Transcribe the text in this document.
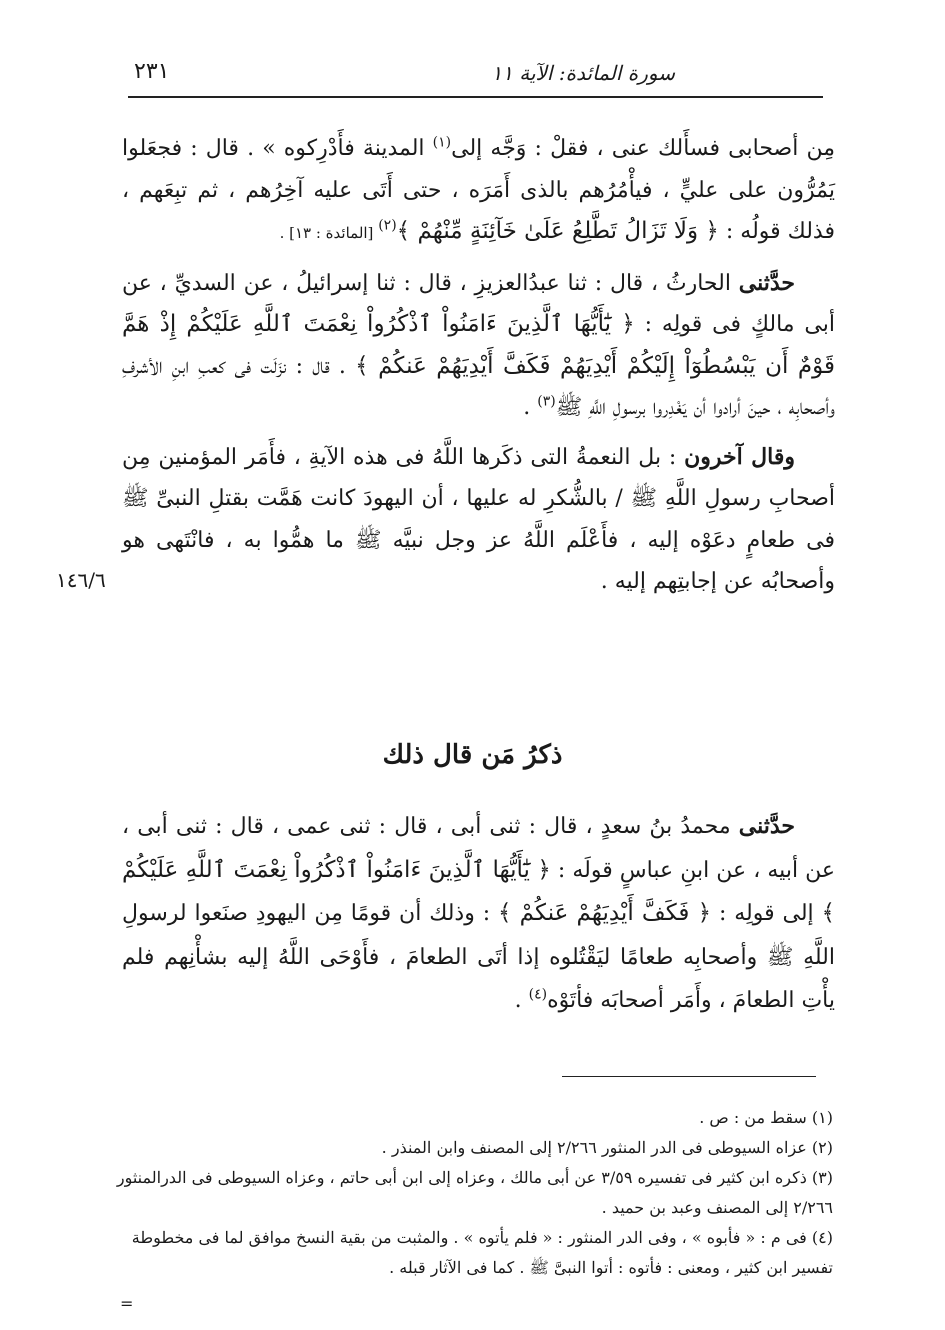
٢٣١	سورة المائدة: الآية ١١
١٤٦/٦

مِن أصحابى فسأَلك عنى ، فقلْ : وَجَّه إلى$^{(١)}$ المدينة فأَدْرِكوه » . قال : فجعَلوا يَمُرُّون على عليٍّ ، فيأْمُرُهم بالذى أَمَرَه ، حتى أَتَى عليه آخِرُهم ، ثم تبِعَهم ، فذلك قولُه : ﴿ وَلَا تَزَالُ تَطَّلِعُ عَلَىٰ خَآئِنَةٍ مِّنْهُمْ ﴾$^{(٢)}$ [المائدة : ١٣] .

حدَّثنى الحارثُ ، قال : ثنا عبدُالعزيزِ ، قال : ثنا إسرائيلُ ، عن السديِّ ، عن أبى مالكٍ فى قولِه : ﴿ يَٰٓأَيُّهَا ٱلَّذِينَ ءَامَنُواْ ٱذْكُرُواْ نِعْمَتَ ٱللَّهِ عَلَيْكُمْ إِذْ هَمَّ قَوْمٌ أَن يَبْسُطُوٓاْ إِلَيْكُمْ أَيْدِيَهُمْ فَكَفَّ أَيْدِيَهُمْ عَنكُمْ ﴾ . قال : نزَلَت فى كعبِ ابنِ الأشرفِ وأصحابِه ، حينَ أرادوا أن يَغْدِروا برسولِ اللَّهِ ﷺ$^{(٣)}$ .

وقال آخرون : بل النعمةُ التى ذكَرها اللَّهُ فى هذه الآيةِ ، فأَمَر المؤمنين مِن أصحابِ رسولِ اللَّهِ ﷺ / بالشُّكرِ له عليها ، أن اليهودَ كانت هَمَّت بقتلِ النبىِّ ﷺ فى طعامٍ دعَوْه إليه ، فأَعْلَم اللَّهُ عز وجل نبيَّه ﷺ ما همُّوا به ، فانْتَهى هو وأصحابُه عن إجابتِهم إليه .

ذكرُ مَن قال ذلك

حدَّثنى محمدُ بنُ سعدٍ ، قال : ثنى أبى ، قال : ثنى عمى ، قال : ثنى أبى ، عن أبيه ، عن ابنِ عباسٍ قولَه : ﴿ يَٰٓأَيُّهَا ٱلَّذِينَ ءَامَنُواْ ٱذْكُرُواْ نِعْمَتَ ٱللَّهِ عَلَيْكُمْ ﴾ إلى قولِه : ﴿ فَكَفَّ أَيْدِيَهُمْ عَنكُمْ ﴾ : وذلك أن قومًا مِن اليهودِ صنَعوا لرسولِ اللَّهِ ﷺ وأصحابِه طعامًا ليَقْتُلوه إذا أتَى الطعامَ ، فأَوْحَى اللَّهُ إليه بشأْنِهم فلم يأْتِ الطعامَ ، وأَمَر أصحابَه فأتَوْه$^{(٤)}$ .

(١) سقط من : ص .

(٢) عزاه السيوطى فى الدر المنثور ٢/٢٦٦ إلى المصنف وابن المنذر .

(٣) ذكره ابن كثير فى تفسيره ٣/٥٩ عن أبى مالك ، وعزاه إلى ابن أبى حاتم ، وعزاه السيوطى فى الدرالمنثور ٢/٢٦٦ إلى المصنف وعبد بن حميد .

(٤) فى م : « فأبوه » ، وفى الدر المنثور : « فلم يأتوه » . والمثبت من بقية النسخ موافق لما فى مخطوطة تفسير ابن كثير ، ومعنى : فأتوه : أتوا النبىَّ ﷺ . كما فى الآثار قبله .

=
